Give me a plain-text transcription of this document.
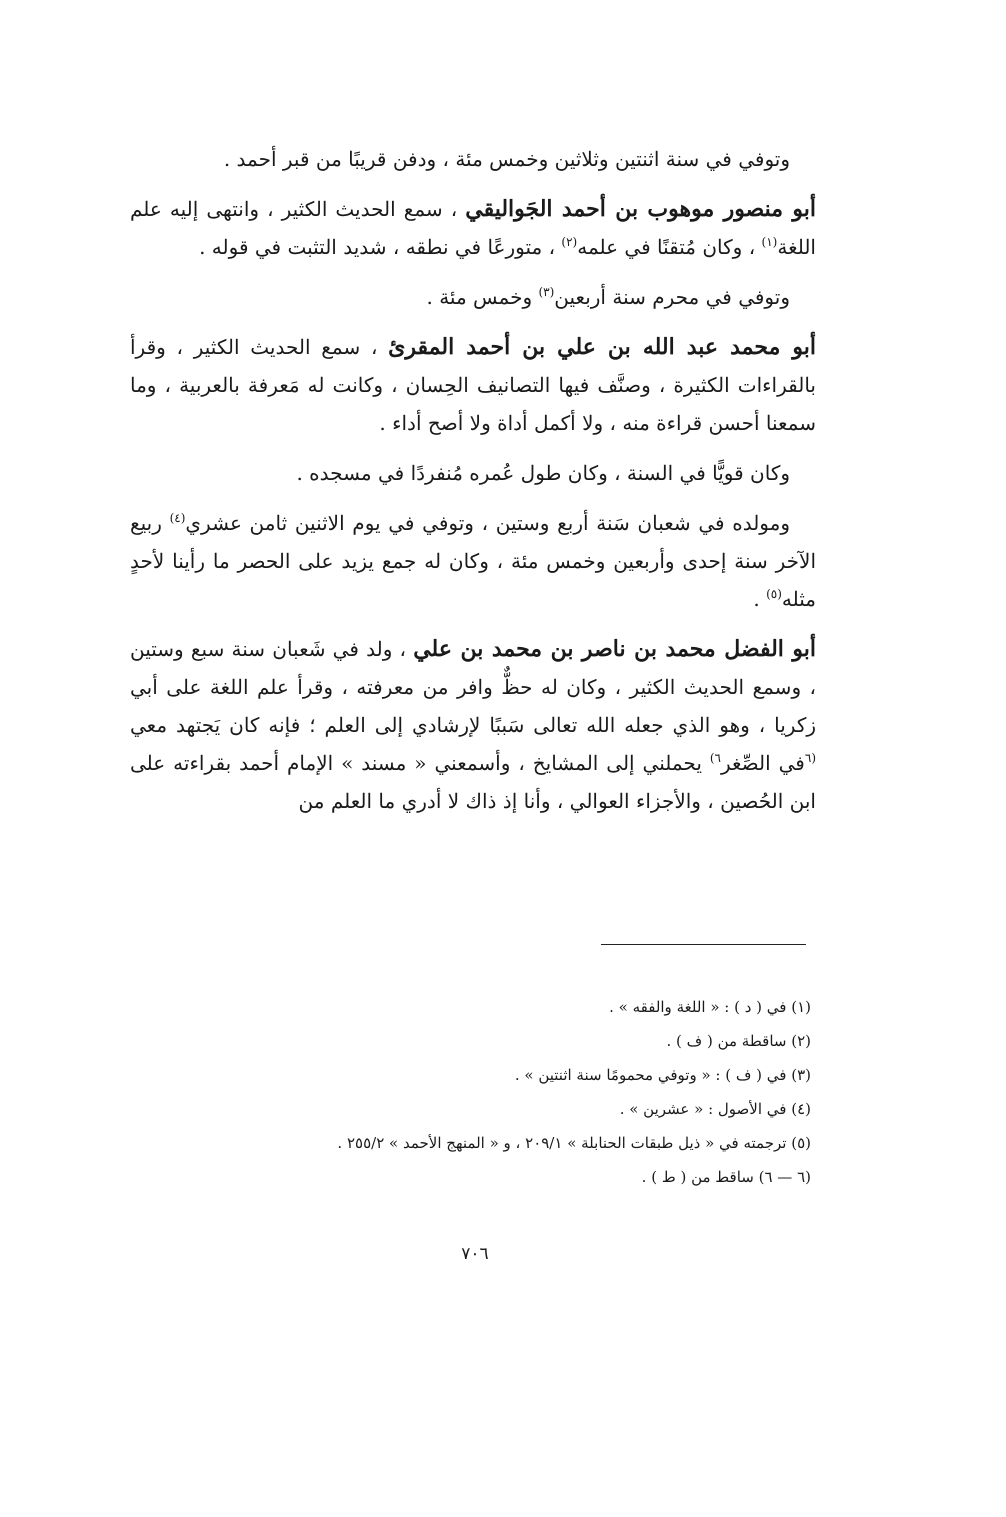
وتوفي في سنة اثنتين وثلاثين وخمس مئة ، ودفن قريبًا من قبر أحمد .

أبو منصور موهوب بن أحمد الجَواليقي ، سمع الحديث الكثير ، وانتهى إليه علم اللغة$^{(١)}$ ، وكان مُتقنًا في علمه$^{(٢)}$ ، متورعًا في نطقه ، شديد التثبت في قوله .

وتوفي في محرم سنة أربعين$^{(٣)}$ وخمس مئة .

أبو محمد عبد الله بن علي بن أحمد المقرئ ، سمع الحديث الكثير ، وقرأ بالقراءات الكثيرة ، وصنَّف فيها التصانيف الحِسان ، وكانت له مَعرفة بالعربية ، وما سمعنا أحسن قراءة منه ، ولا أكمل أداة ولا أصح أداء .

وكان قويًّا في السنة ، وكان طول عُمره مُنفردًا في مسجده .

ومولده في شعبان سَنة أربع وستين ، وتوفي في يوم الاثنين ثامن عشري$^{(٤)}$ ربيع الآخر سنة إحدى وأربعين وخمس مئة ، وكان له جمع يزيد على الحصر ما رأينا لأحدٍ مثله$^{(٥)}$ .

أبو الفضل محمد بن ناصر بن محمد بن علي ، ولد في شَعبان سنة سبع وستين ، وسمع الحديث الكثير ، وكان له حظٌّ وافر من معرفته ، وقرأ علم اللغة على أبي زكريا ، وهو الذي جعله الله تعالى سَببًا لإرشادي إلى العلم ؛ فإنه كان يَجتهد معي $^{(٦}$في الصِّغر$^{٦)}$ يحملني إلى المشايخ ، وأسمعني « مسند » الإمام أحمد بقراءته على ابن الحُصين ، والأجزاء العوالي ، وأنا إذ ذاك لا أدري ما العلم من

(١) في ( د ) : « اللغة والفقه » .
(٢) ساقطة من ( ف ) .
(٣) في ( ف ) : « وتوفي محمومًا سنة اثنتين » .
(٤) في الأصول : « عشرين » .
(٥) ترجمته في « ذيل طبقات الحنابلة » ٢٠٩/١ ، و « المنهج الأحمد » ٢٥٥/٢ .
(٦ — ٦) ساقط من ( ط ) .
٧٠٦
